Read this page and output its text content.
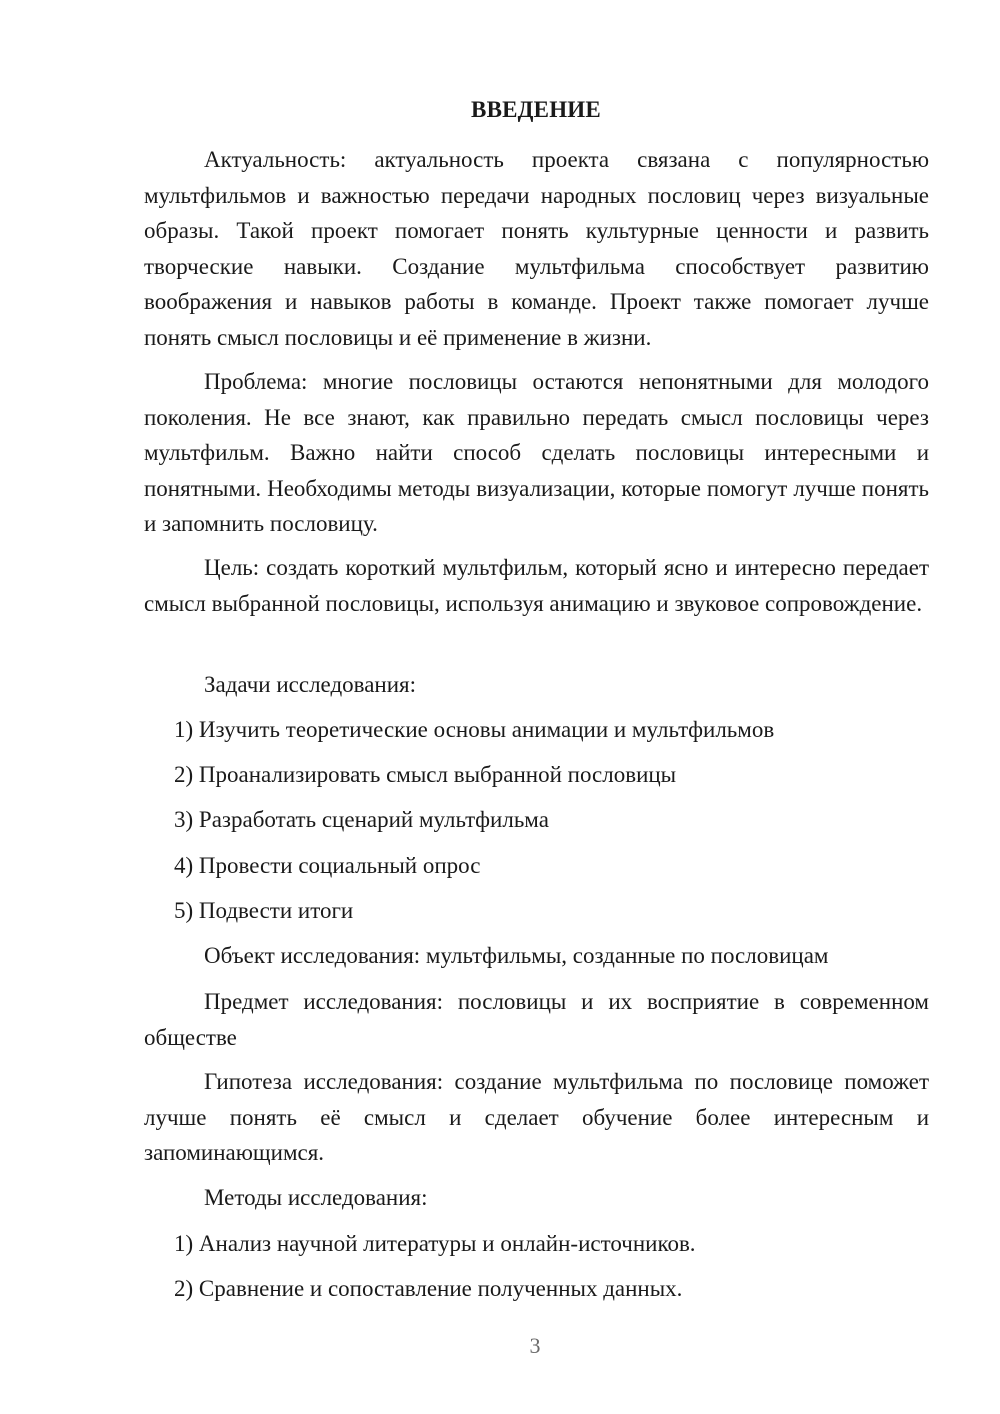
ВВЕДЕНИЕ

Актуальность: актуальность проекта связана с популярностью мультфильмов и важностью передачи народных пословиц через визуальные образы. Такой проект помогает понять культурные ценности и развить творческие навыки. Создание мультфильма способствует развитию воображения и навыков работы в команде. Проект также помогает лучше понять смысл пословицы и её применение в жизни.

Проблема: многие пословицы остаются непонятными для молодого поколения. Не все знают, как правильно передать смысл пословицы через мультфильм. Важно найти способ сделать пословицы интересными и понятными. Необходимы методы визуализации, которые помогут лучше понять и запомнить пословицу.

Цель: создать короткий мультфильм, который ясно и интересно передает смысл выбранной пословицы, используя анимацию и звуковое сопровождение.

Задачи исследования:

1) Изучить теоретические основы анимации и мультфильмов

2) Проанализировать смысл выбранной пословицы

3) Разработать сценарий мультфильма

4) Провести социальный опрос

5) Подвести итоги

Объект исследования: мультфильмы, созданные по пословицам

Предмет исследования: пословицы и их восприятие в современном обществе

Гипотеза исследования: создание мультфильма по пословице поможет лучше понять её смысл и сделает обучение более интересным и запоминающимся.

Методы исследования:

1) Анализ научной литературы и онлайн-источников.

2) Сравнение и сопоставление полученных данных.

3
